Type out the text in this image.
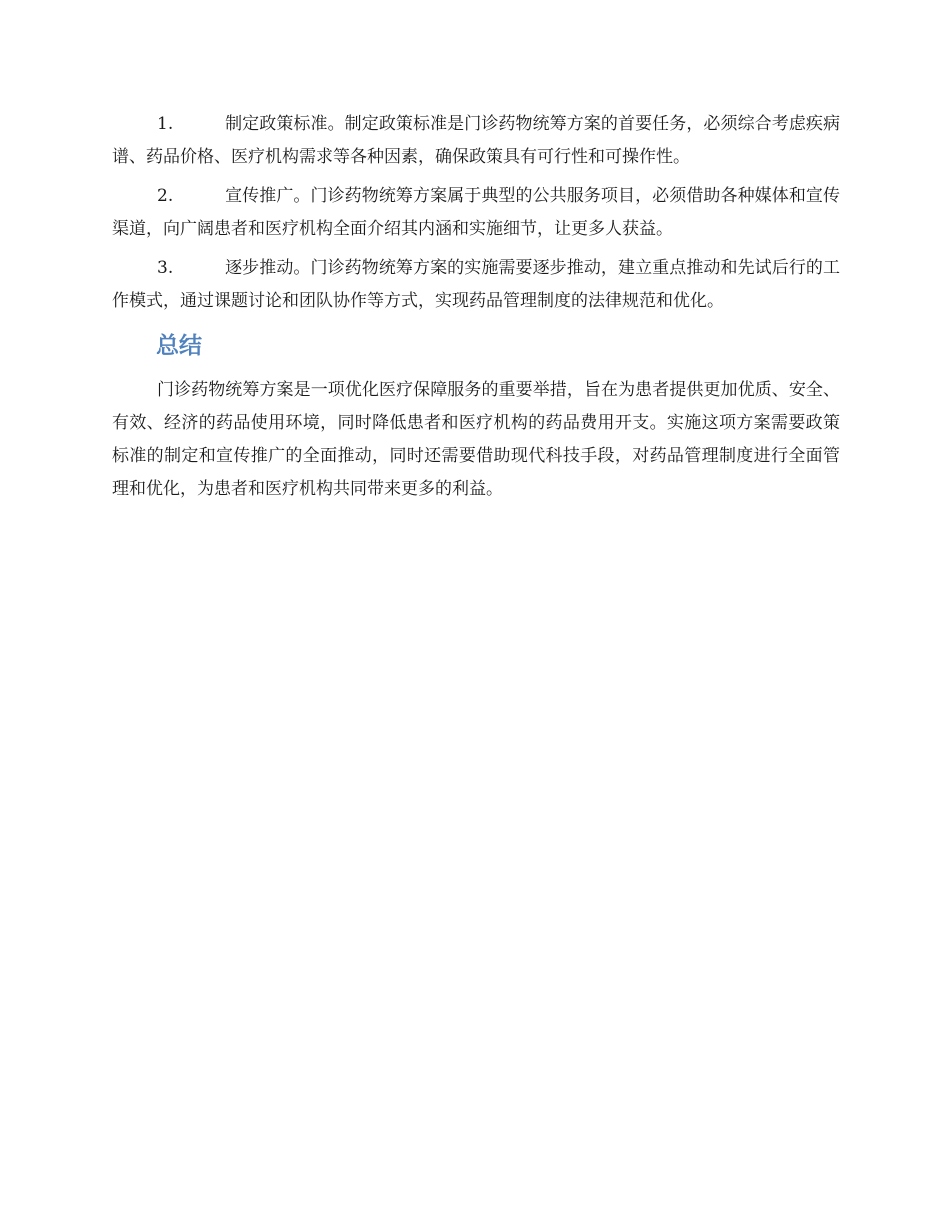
1.	制定政策标准。制定政策标准是门诊药物统筹方案的首要任务，必须综合考虑疾病谱、药品价格、医疗机构需求等各种因素，确保政策具有可行性和可操作性。

2.	宣传推广。门诊药物统筹方案属于典型的公共服务项目，必须借助各种媒体和宣传渠道，向广阔患者和医疗机构全面介绍其内涵和实施细节，让更多人获益。

3.	逐步推动。门诊药物统筹方案的实施需要逐步推动，建立重点推动和先试后行的工作模式，通过课题讨论和团队协作等方式，实现药品管理制度的法律规范和优化。

总结

门诊药物统筹方案是一项优化医疗保障服务的重要举措，旨在为患者提供更加优质、安全、有效、经济的药品使用环境，同时降低患者和医疗机构的药品费用开支。实施这项方案需要政策标准的制定和宣传推广的全面推动，同时还需要借助现代科技手段，对药品管理制度进行全面管理和优化，为患者和医疗机构共同带来更多的利益。
